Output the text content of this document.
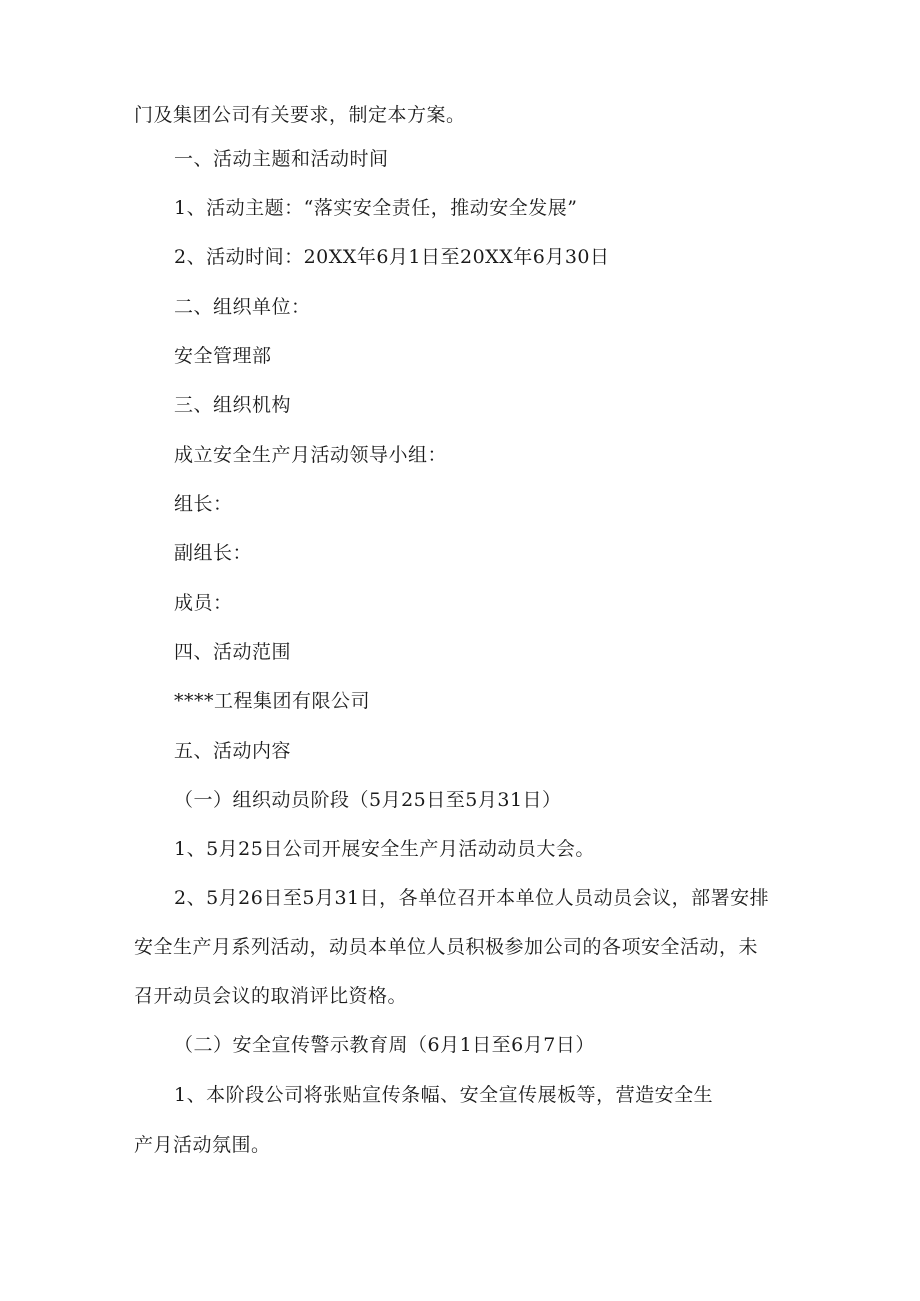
门及集团公司有关要求，制定本方案。
一、活动主题和活动时间
1、活动主题：“落实安全责任，推动安全发展”
2、活动时间：20XX年6月1日至20XX年6月30日
二、组织单位：
安全管理部
三、组织机构
成立安全生产月活动领导小组：
组长：
副组长：
成员：
四、活动范围
****工程集团有限公司
五、活动内容
（一）组织动员阶段（5月25日至5月31日）
1、5月25日公司开展安全生产月活动动员大会。
2、5月26日至5月31日，各单位召开本单位人员动员会议，部署安排
安全生产月系列活动，动员本单位人员积极参加公司的各项安全活动，未
召开动员会议的取消评比资格。
（二）安全宣传警示教育周（6月1日至6月7日）
1、本阶段公司将张贴宣传条幅、安全宣传展板等，营造安全生
产月活动氛围。
